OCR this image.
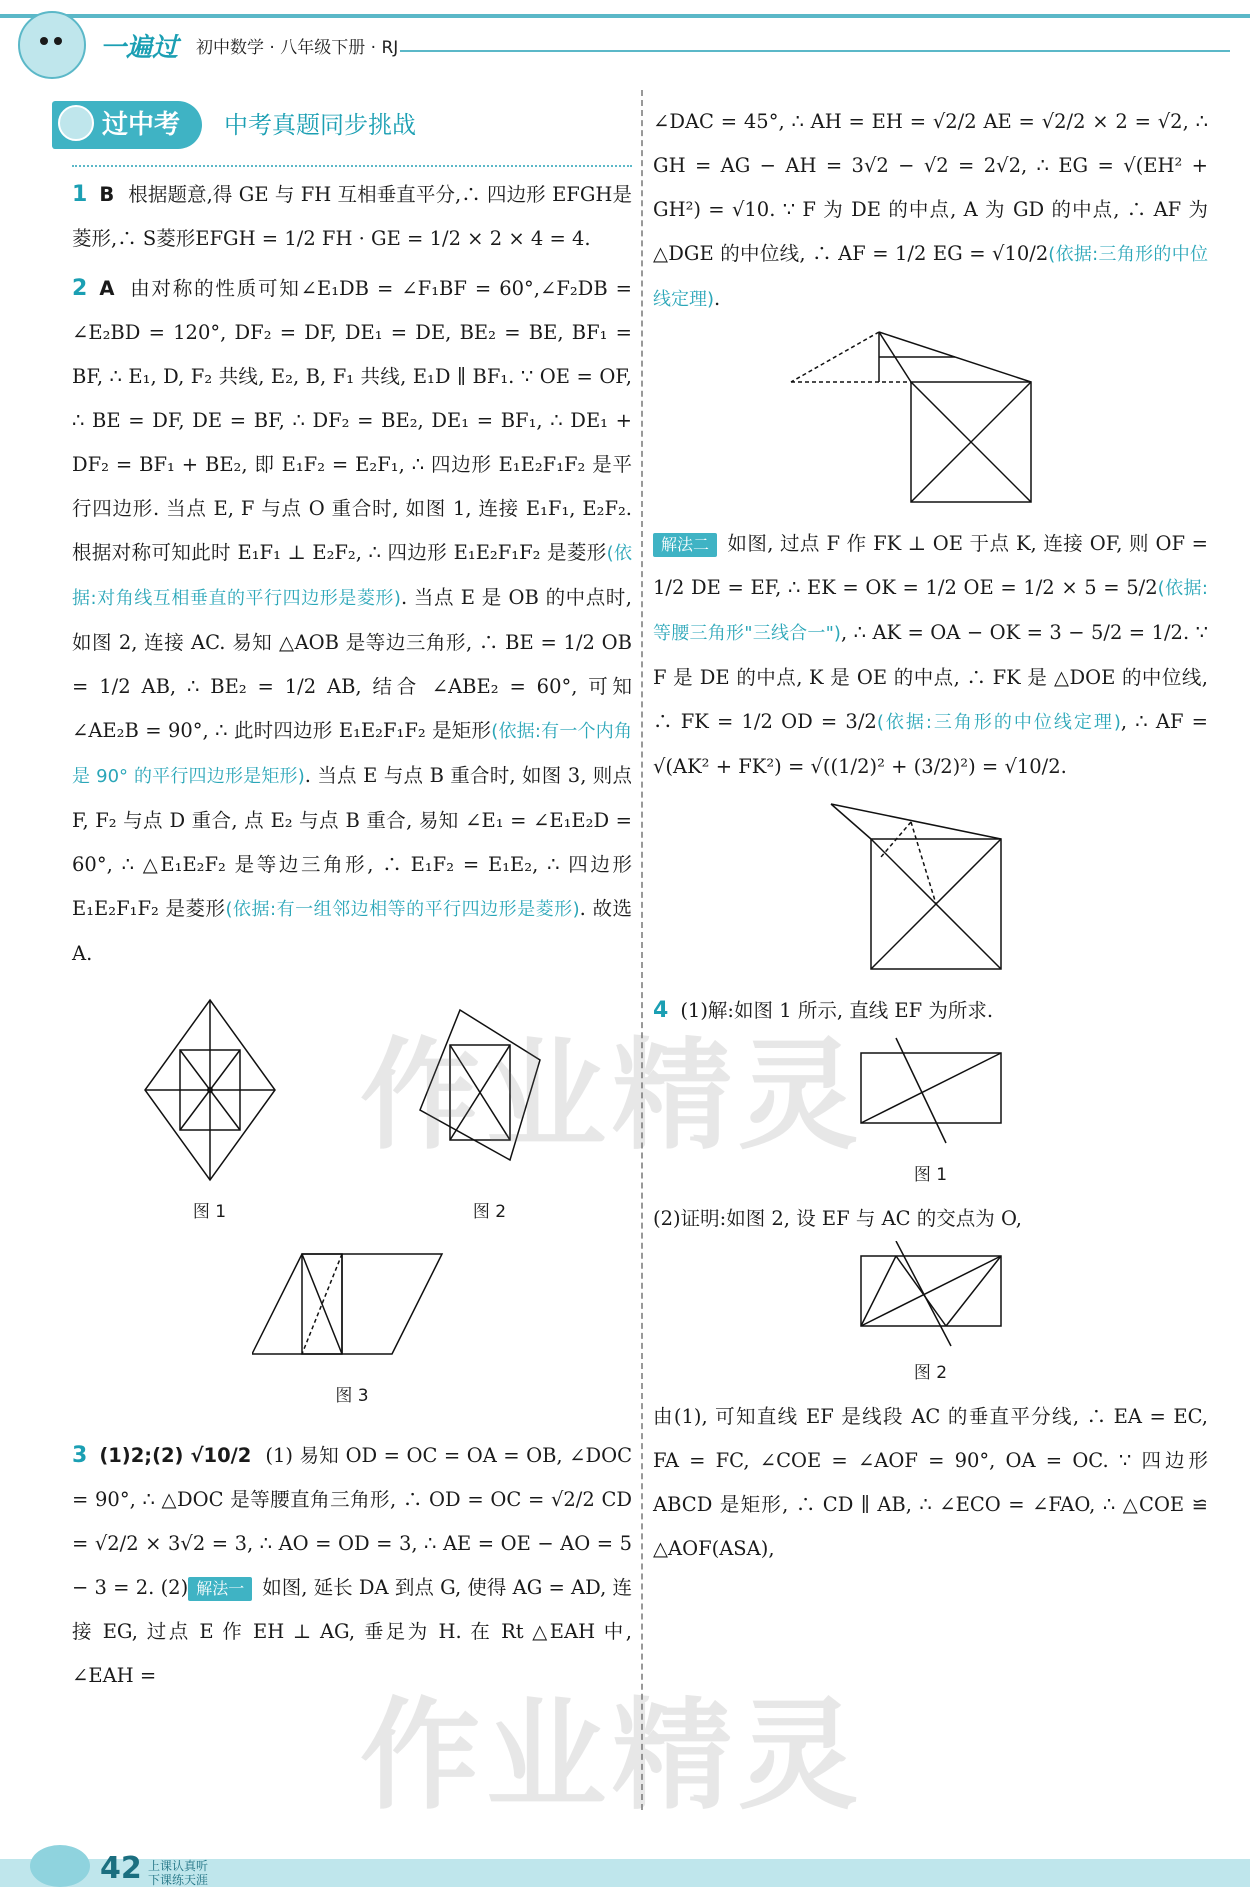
一遍过 初中数学 · 八年级下册 · RJ
过中考	中考真题同步挑战
1 B 根据题意,得 GE 与 FH 互相垂直平分,∴ 四边形 EFGH是菱形,∴ S菱形EFGH = 1/2 FH · GE = 1/2 × 2 × 4 = 4.
2 A 由对称的性质可知∠E₁DB = ∠F₁BF = 60°,∠F₂DB = ∠E₂BD = 120°, DF₂ = DF, DE₁ = DE, BE₂ = BE, BF₁ = BF, ∴ E₁, D, F₂ 共线, E₂, B, F₁ 共线, E₁D ∥ BF₁. ∵ OE = OF, ∴ BE = DF, DE = BF, ∴ DF₂ = BE₂, DE₁ = BF₁, ∴ DE₁ + DF₂ = BF₁ + BE₂, 即 E₁F₂ = E₂F₁, ∴ 四边形 E₁E₂F₁F₂ 是平行四边形. 当点 E, F 与点 O 重合时, 如图 1, 连接 E₁F₁, E₂F₂. 根据对称可知此时 E₁F₁ ⊥ E₂F₂, ∴ 四边形 E₁E₂F₁F₂ 是菱形(依据:对角线互相垂直的平行四边形是菱形). 当点 E 是 OB 的中点时, 如图 2, 连接 AC. 易知 △AOB 是等边三角形, ∴ BE = 1/2 OB = 1/2 AB, ∴ BE₂ = 1/2 AB, 结合 ∠ABE₂ = 60°, 可知 ∠AE₂B = 90°, ∴ 此时四边形 E₁E₂F₁F₂ 是矩形(依据:有一个内角是 90° 的平行四边形是矩形). 当点 E 与点 B 重合时, 如图 3, 则点 F, F₂ 与点 D 重合, 点 E₂ 与点 B 重合, 易知 ∠E₁ = ∠E₁E₂D = 60°, ∴ △E₁E₂F₂ 是等边三角形, ∴ E₁F₂ = E₁E₂, ∴ 四边形 E₁E₂F₁F₂ 是菱形(依据:有一组邻边相等的平行四边形是菱形). 故选 A.
图 1	图 2
图 3
3 (1)2;(2) √10/2 (1) 易知 OD = OC = OA = OB, ∠DOC = 90°, ∴ △DOC 是等腰直角三角形, ∴ OD = OC = √2/2 CD = √2/2 × 3√2 = 3, ∴ AO = OD = 3, ∴ AE = OE − AO = 5 − 3 = 2. (2) 解法一 如图, 延长 DA 到点 G, 使得 AG = AD, 连接 EG, 过点 E 作 EH ⊥ AG, 垂足为 H. 在 Rt △EAH 中, ∠EAH =
∠DAC = 45°, ∴ AH = EH = √2/2 AE = √2/2 × 2 = √2, ∴ GH = AG − AH = 3√2 − √2 = 2√2, ∴ EG = √(EH² + GH²) = √10. ∵ F 为 DE 的中点, A 为 GD 的中点, ∴ AF 为 △DGE 的中位线, ∴ AF = 1/2 EG = √10/2(依据:三角形的中位线定理).
解法二 如图, 过点 F 作 FK ⊥ OE 于点 K, 连接 OF, 则 OF = 1/2 DE = EF, ∴ EK = OK = 1/2 OE = 1/2 × 5 = 5/2(依据:等腰三角形"三线合一"), ∴ AK = OA − OK = 3 − 5/2 = 1/2. ∵ F 是 DE 的中点, K 是 OE 的中点, ∴ FK 是 △DOE 的中位线, ∴ FK = 1/2 OD = 3/2(依据:三角形的中位线定理), ∴ AF = √(AK² + FK²) = √((1/2)² + (3/2)²) = √10/2.
4 (1)解:如图 1 所示, 直线 EF 为所求.
图 1
(2)证明:如图 2, 设 EF 与 AC 的交点为 O,
图 2
由(1), 可知直线 EF 是线段 AC 的垂直平分线, ∴ EA = EC, FA = FC, ∠COE = ∠AOF = 90°, OA = OC. ∵ 四边形 ABCD 是矩形, ∴ CD ∥ AB, ∴ ∠ECO = ∠FAO, ∴ △COE ≌ △AOF(ASA),
作业精灵
作业精灵
42 上课认真听
下课练天涯
